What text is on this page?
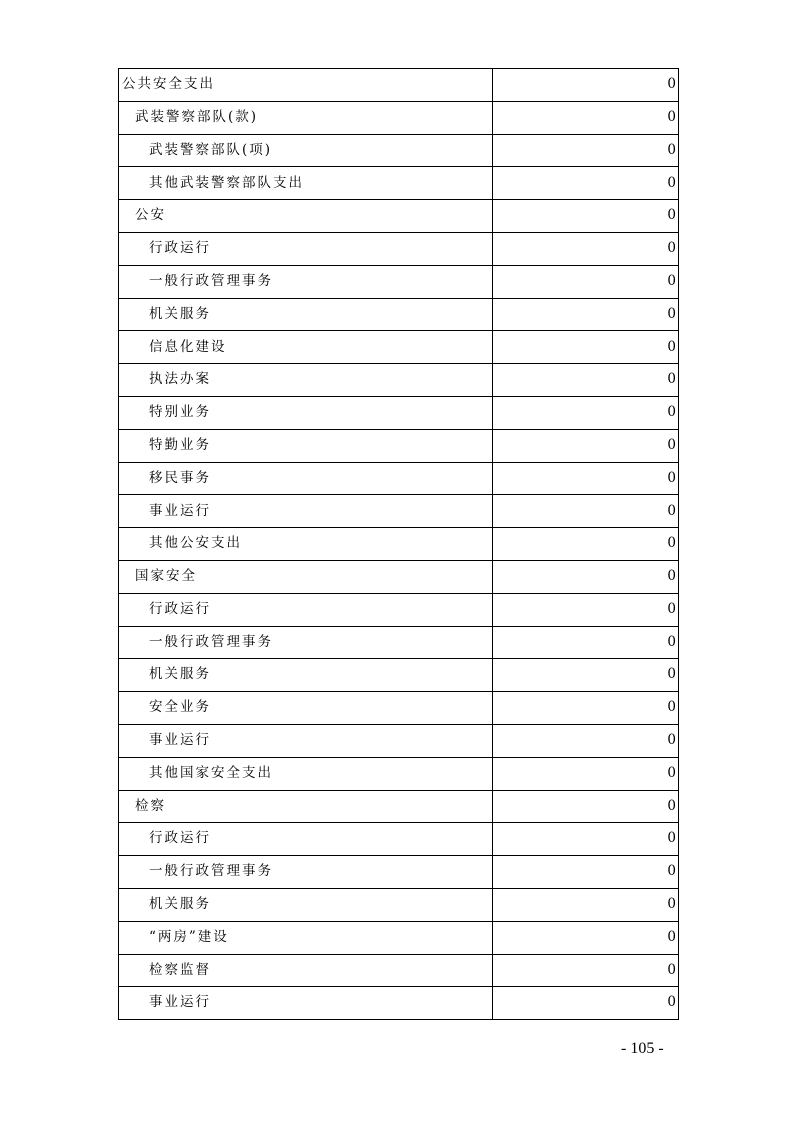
公共安全支出	0
武装警察部队(款)	0
武装警察部队(项)	0
其他武装警察部队支出	0
公安	0
行政运行	0
一般行政管理事务	0
机关服务	0
信息化建设	0
执法办案	0
特别业务	0
特勤业务	0
移民事务	0
事业运行	0
其他公安支出	0
国家安全	0
行政运行	0
一般行政管理事务	0
机关服务	0
安全业务	0
事业运行	0
其他国家安全支出	0
检察	0
行政运行	0
一般行政管理事务	0
机关服务	0
“两房”建设	0
检察监督	0
事业运行	0
- 105 -
